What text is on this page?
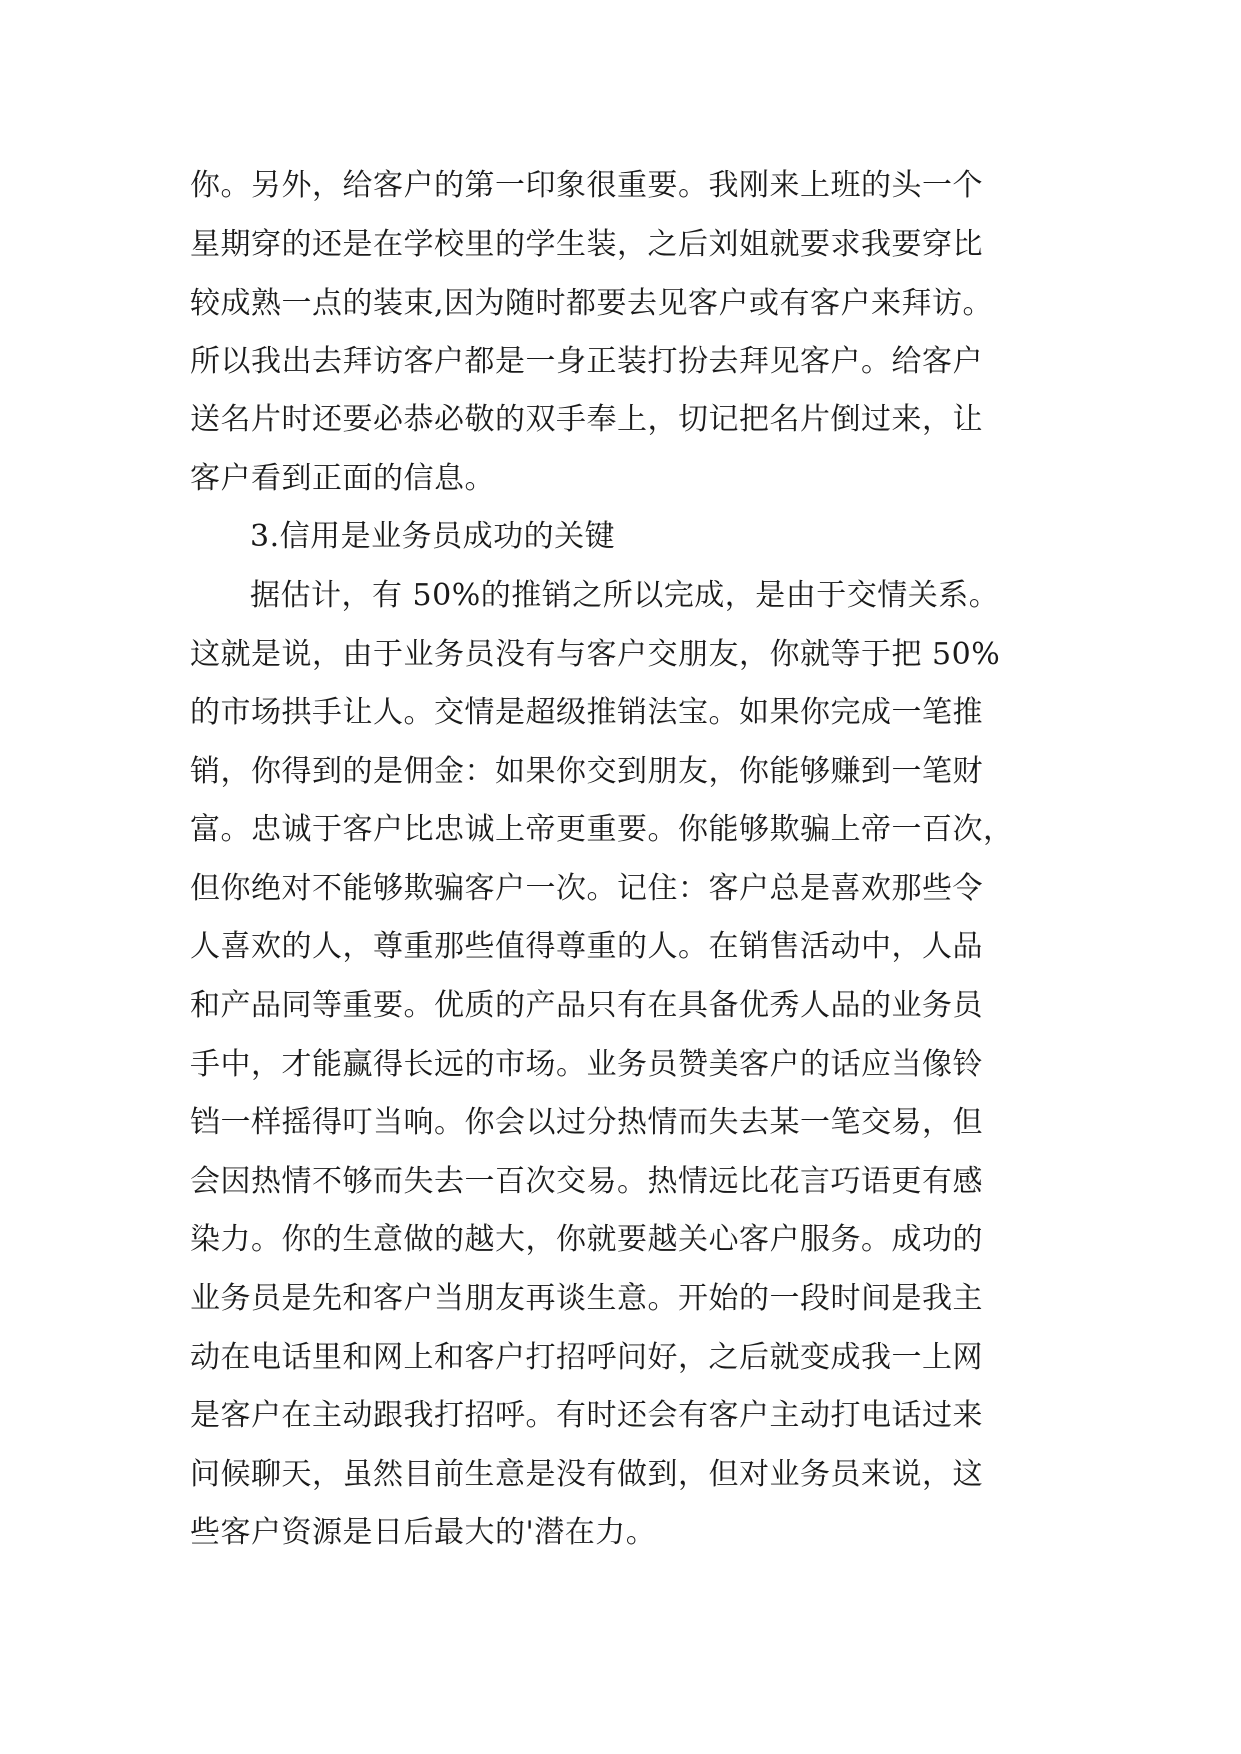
你。另外，给客户的第一印象很重要。我刚来上班的头一个
星期穿的还是在学校里的学生装，之后刘姐就要求我要穿比
较成熟一点的装束,因为随时都要去见客户或有客户来拜访。
所以我出去拜访客户都是一身正装打扮去拜见客户。给客户
送名片时还要必恭必敬的双手奉上，切记把名片倒过来，让
客户看到正面的信息。
3.信用是业务员成功的关键
据估计，有 50%的推销之所以完成，是由于交情关系。
这就是说，由于业务员没有与客户交朋友，你就等于把 50%
的市场拱手让人。交情是超级推销法宝。如果你完成一笔推
销，你得到的是佣金：如果你交到朋友，你能够赚到一笔财
富。忠诚于客户比忠诚上帝更重要。你能够欺骗上帝一百次，
但你绝对不能够欺骗客户一次。记住：客户总是喜欢那些令
人喜欢的人，尊重那些值得尊重的人。在销售活动中，人品
和产品同等重要。优质的产品只有在具备优秀人品的业务员
手中，才能赢得长远的市场。业务员赞美客户的话应当像铃
铛一样摇得叮当响。你会以过分热情而失去某一笔交易，但
会因热情不够而失去一百次交易。热情远比花言巧语更有感
染力。你的生意做的越大，你就要越关心客户服务。成功的
业务员是先和客户当朋友再谈生意。开始的一段时间是我主
动在电话里和网上和客户打招呼问好，之后就变成我一上网
是客户在主动跟我打招呼。有时还会有客户主动打电话过来
问候聊天，虽然目前生意是没有做到，但对业务员来说，这
些客户资源是日后最大的'潜在力。
